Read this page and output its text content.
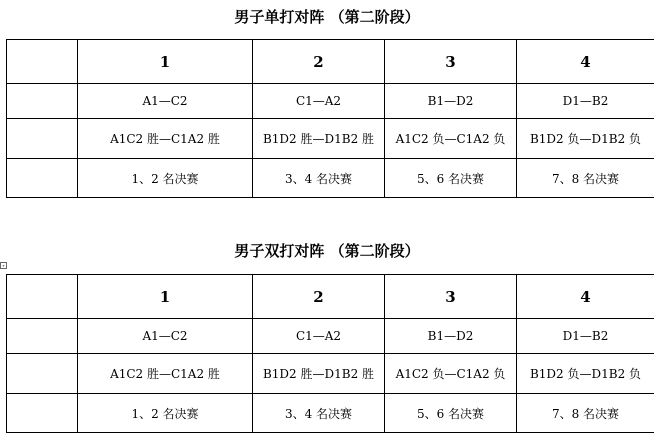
男子单打对阵 （第二阶段）
	1	2	3	4
	A1—C2	C1—A2	B1—D2	D1—B2
	A1C2 胜—C1A2 胜	B1D2 胜—D1B2 胜	A1C2 负—C1A2 负	B1D2 负—D1B2 负
	1、2 名决赛	3、4 名决赛	5、6 名决赛	7、8 名决赛
+
男子双打对阵 （第二阶段）
	1	2	3	4
	A1—C2	C1—A2	B1—D2	D1—B2
	A1C2 胜—C1A2 胜	B1D2 胜—D1B2 胜	A1C2 负—C1A2 负	B1D2 负—D1B2 负
	1、2 名决赛	3、4 名决赛	5、6 名决赛	7、8 名决赛
